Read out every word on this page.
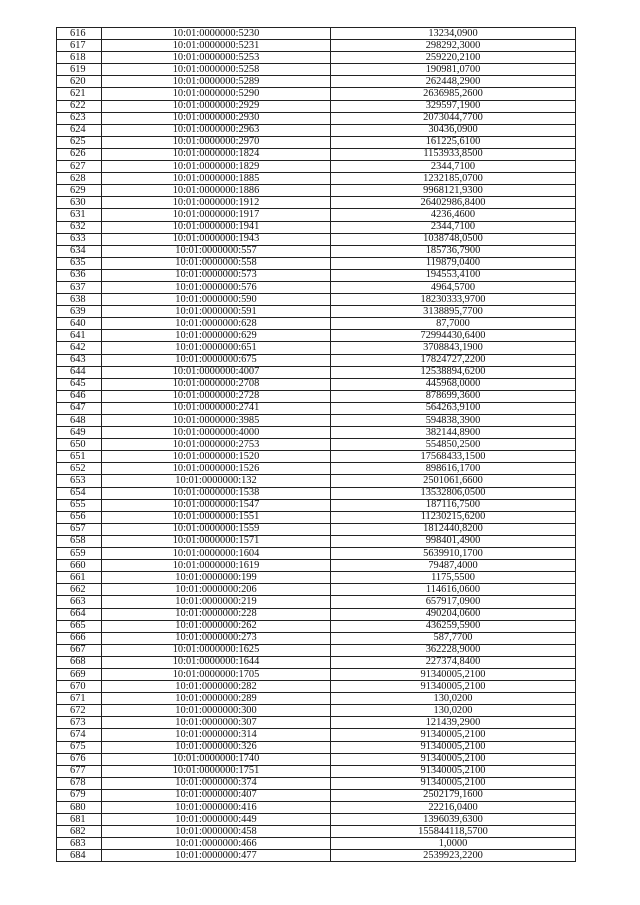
616	10:01:0000000:5230	13234,0900
617	10:01:0000000:5231	298292,3000
618	10:01:0000000:5253	259220,2100
619	10:01:0000000:5258	190981,0700
620	10:01:0000000:5289	262448,2900
621	10:01:0000000:5290	2636985,2600
622	10:01:0000000:2929	329597,1900
623	10:01:0000000:2930	2073044,7700
624	10:01:0000000:2963	30436,0900
625	10:01:0000000:2970	161225,6100
626	10:01:0000000:1824	1153933,8500
627	10:01:0000000:1829	2344,7100
628	10:01:0000000:1885	1232185,0700
629	10:01:0000000:1886	9968121,9300
630	10:01:0000000:1912	26402986,8400
631	10:01:0000000:1917	4236,4600
632	10:01:0000000:1941	2344,7100
633	10:01:0000000:1943	1038748,0500
634	10:01:0000000:557	185736,7900
635	10:01:0000000:558	119879,0400
636	10:01:0000000:573	194553,4100
637	10:01:0000000:576	4964,5700
638	10:01:0000000:590	18230333,9700
639	10:01:0000000:591	3138895,7700
640	10:01:0000000:628	87,7000
641	10:01:0000000:629	72994430,6400
642	10:01:0000000:651	3708843,1900
643	10:01:0000000:675	17824727,2200
644	10:01:0000000:4007	12538894,6200
645	10:01:0000000:2708	445968,0000
646	10:01:0000000:2728	878699,3600
647	10:01:0000000:2741	564263,9100
648	10:01:0000000:3985	594838,3900
649	10:01:0000000:4000	382144,8900
650	10:01:0000000:2753	554850,2500
651	10:01:0000000:1520	17568433,1500
652	10:01:0000000:1526	898616,1700
653	10:01:0000000:132	2501061,6600
654	10:01:0000000:1538	13532806,0500
655	10:01:0000000:1547	187116,7500
656	10:01:0000000:1551	11230215,6200
657	10:01:0000000:1559	1812440,8200
658	10:01:0000000:1571	998401,4900
659	10:01:0000000:1604	5639910,1700
660	10:01:0000000:1619	79487,4000
661	10:01:0000000:199	1175,5500
662	10:01:0000000:206	114616,0600
663	10:01:0000000:219	657917,0900
664	10:01:0000000:228	490204,0600
665	10:01:0000000:262	436259,5900
666	10:01:0000000:273	587,7700
667	10:01:0000000:1625	362228,9000
668	10:01:0000000:1644	227374,8400
669	10:01:0000000:1705	91340005,2100
670	10:01:0000000:282	91340005,2100
671	10:01:0000000:289	130,0200
672	10:01:0000000:300	130,0200
673	10:01:0000000:307	121439,2900
674	10:01:0000000:314	91340005,2100
675	10:01:0000000:326	91340005,2100
676	10:01:0000000:1740	91340005,2100
677	10:01:0000000:1751	91340005,2100
678	10:01:0000000:374	91340005,2100
679	10:01:0000000:407	2502179,1600
680	10:01:0000000:416	22216,0400
681	10:01:0000000:449	1396039,6300
682	10:01:0000000:458	155844118,5700
683	10:01:0000000:466	1,0000
684	10:01:0000000:477	2539923,2200
